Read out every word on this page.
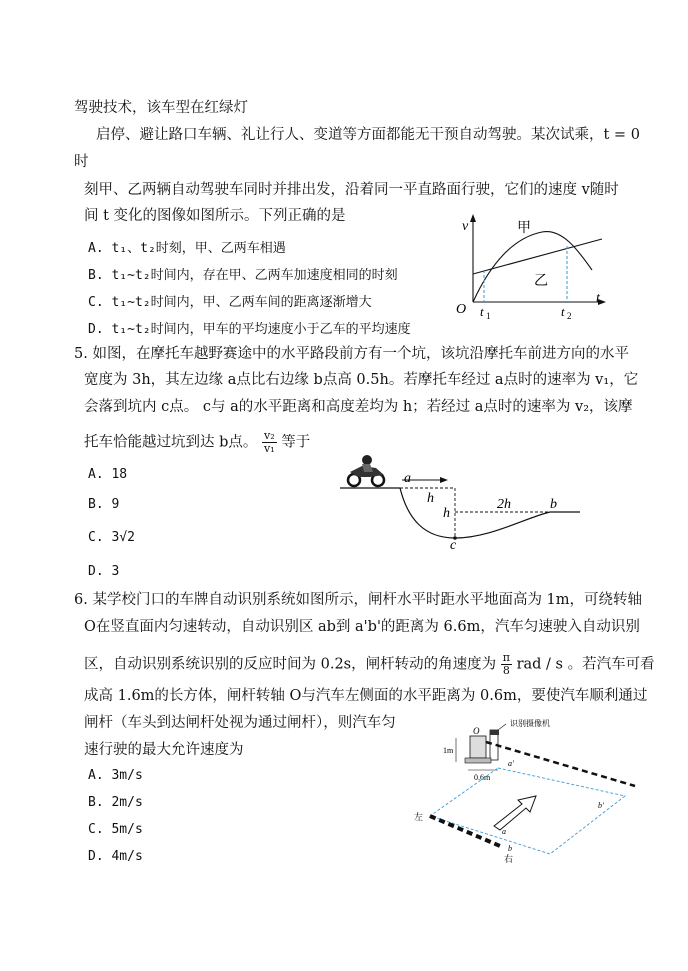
驾驶技术，该车型在红绿灯
启停、避让路口车辆、礼让行人、变道等方面都能无干预自动驾驶。某次试乘，t = 0
时
刻甲、乙两辆自动驾驶车同时并排出发，沿着同一平直路面行驶，它们的速度 v随时
间 t 变化的图像如图所示。下列正确的是
A. t₁、t₂时刻，甲、乙两车相遇
B. t₁~t₂时间内，存在甲、乙两车加速度相同的时刻
C. t₁~t₂时间内，甲、乙两车间的距离逐渐增大
D. t₁~t₂时间内，甲车的平均速度小于乙车的平均速度
v
t
O t 1	t 2
甲
乙
5. 如图，在摩托车越野赛途中的水平路段前方有一个坑，该坑沿摩托车前进方向的水平
宽度为 3h，其左边缘 a点比右边缘 b点高 0.5h。若摩托车经过 a点时的速率为 v₁，它
会落到坑内 c点。 c与 a的水平距离和高度差均为 h；若经过 a点时的速率为 v₂，该摩
托车恰能越过坑到达 b点。 $\frac{\text{v₂}}{\text{v₁}}$ 等于
A. 18
B. 9
C. 3√2
D. 3
a
b
c
h
h
2h
6. 某学校门口的车牌自动识别系统如图所示，闸杆水平时距水平地面高为 1m，可绕转轴
O在竖直面内匀速转动，自动识别区 ab到 a'b'的距离为 6.6m，汽车匀速驶入自动识别
区，自动识别系统识别的反应时间为 0.2s，闸杆转动的角速度为 $\frac{\pi}{8}$ rad / s 。若汽车可看
成高 1.6m的长方体，闸杆转轴 O与汽车左侧面的水平距离为 0.6m，要使汽车顺利通过
闸杆（车头到达闸杆处视为通过闸杆），则汽车匀
速行驶的最大允许速度为
A. 3m/s
B. 2m/s
C. 5m/s
D. 4m/s
识别摄像机
O
1m
0.6m
a'
b'
a
b
左
右
